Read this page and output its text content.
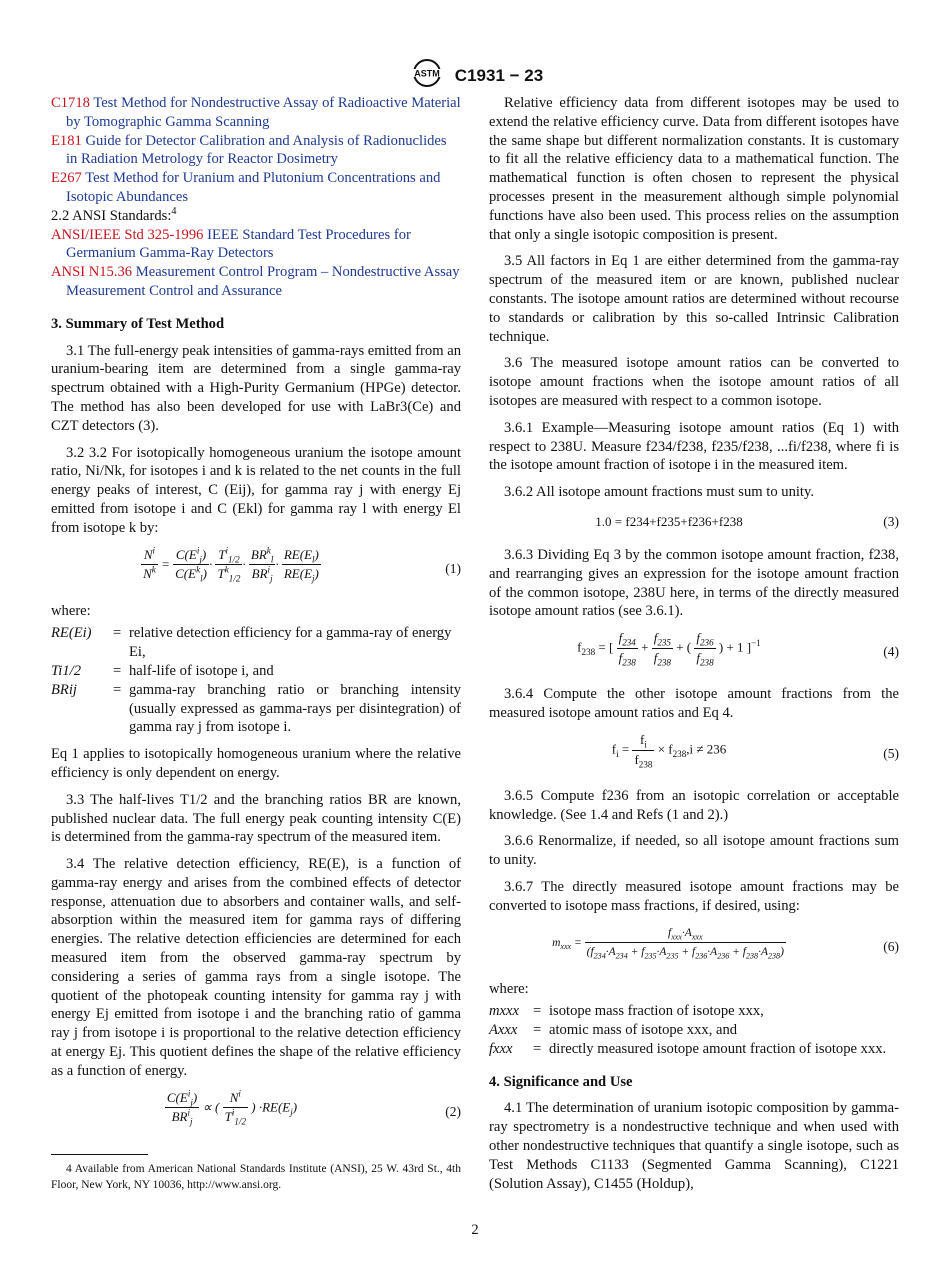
ASTM C1931 − 23

C1718 Test Method for Nondestructive Assay of Radioactive Material by Tomographic Gamma Scanning

E181 Guide for Detector Calibration and Analysis of Radionuclides in Radiation Metrology for Reactor Dosimetry

E267 Test Method for Uranium and Plutonium Concentrations and Isotopic Abundances

2.2 ANSI Standards:$^4$

ANSI/IEEE Std 325-1996 IEEE Standard Test Procedures for Germanium Gamma-Ray Detectors

ANSI N15.36 Measurement Control Program – Nondestructive Assay Measurement Control and Assurance

3. Summary of Test Method

3.1 The full-energy peak intensities of gamma-rays emitted from an uranium-bearing item are determined from a single gamma-ray spectrum obtained with a High-Purity Germanium (HPGe) detector. The method has also been developed for use with LaBr3(Ce) and CZT detectors (3).

3.2 3.2 For isotopically homogeneous uranium the isotope amount ratio, Ni/Nk, for isotopes i and k is related to the net counts in the full energy peaks of interest, C (Eij), for gamma ray j with energy Ej emitted from isotope i and C (Ekl) for gamma ray l with energy El from isotope k by:

$\frac{N^i}{N^k} = \frac{C(E^i_j)}{C(E^k_l)} \cdot \frac{T^i_{1/2}}{T^k_{1/2}} \cdot \frac{BR^k_l}{BR^i_j} \cdot \frac{RE(E_l)}{RE(E_j)}$	(1)

where:

RE(Ei)	=	relative detection efficiency for a gamma-ray of energy Ei,
Ti1/2	=	half-life of isotope i, and
BRij	=	gamma-ray branching ratio or branching intensity (usually expressed as gamma-rays per disintegration) of gamma ray j from isotope i.

Eq 1 applies to isotopically homogeneous uranium where the relative efficiency is only dependent on energy.

3.3 The half-lives T1/2 and the branching ratios BR are known, published nuclear data. The full energy peak counting intensity C(E) is determined from the gamma-ray spectrum of the measured item.

3.4 The relative detection efficiency, RE(E), is a function of gamma-ray energy and arises from the combined effects of detector response, attenuation due to absorbers and container walls, and self-absorption within the measured item for gamma rays of differing energies. The relative detection efficiencies are determined for each measured item from the observed gamma-ray spectrum by considering a series of gamma rays from a single isotope. The quotient of the photopeak counting intensity for gamma ray j with energy Ej emitted from isotope i and the branching ratio of gamma ray j from isotope i is proportional to the relative detection efficiency at energy Ej. This quotient defines the shape of the relative efficiency as a function of energy.

$\frac{C(E^i_j)}{BR^i_j}$ ∝ ( $\frac{N^i}{T^i_{1/2}}$ ) $\cdot RE(E_j)$	(2)
4 Available from American National Standards Institute (ANSI), 25 W. 43rd St., 4th Floor, New York, NY 10036, http://www.ansi.org.

Relative efficiency data from different isotopes may be used to extend the relative efficiency curve. Data from different isotopes have the same shape but different normalization constants. It is customary to fit all the relative efficiency data to a mathematical function. The mathematical function is often chosen to represent the physical processes present in the measurement although simple polynomial functions have also been used. This process relies on the assumption that only a single isotopic composition is present.

3.5 All factors in Eq 1 are either determined from the gamma-ray spectrum of the measured item or are known, published nuclear constants. The isotope amount ratios are determined without recourse to standards or calibration by this so-called Intrinsic Calibration technique.

3.6 The measured isotope amount ratios can be converted to isotope amount fractions when the isotope amount ratios of all isotopes are measured with respect to a common isotope.

3.6.1 Example—Measuring isotope amount ratios (Eq 1) with respect to 238U. Measure f234/f238, f235/f238, ...fi/f238, where fi is the isotope amount fraction of isotope i in the measured item.

3.6.2 All isotope amount fractions must sum to unity.

1.0 = f234+f235+f236+f238	(3)

3.6.3 Dividing Eq 3 by the common isotope amount fraction, f238, and rearranging gives an expression for the isotope amount fraction of the common isotope, 238U here, in terms of the directly measured isotope amount ratios (see 3.6.1).

$f_{238}$ = [ $\frac{f_{234}}{f_{238}} + \frac{f_{235}}{f_{238}}$ + ( $\frac{f_{236}}{f_{238}}$ ) + 1 ]$^{-1}$
(4)

3.6.4 Compute the other isotope amount fractions from the measured isotope amount ratios and Eq 4.

$f_i = \frac{f_i}{f_{238}} \times f_{238},i \ne 236$	(5)

3.6.5 Compute f236 from an isotopic correlation or acceptable knowledge. (See 1.4 and Refs (1 and 2).)

3.6.6 Renormalize, if needed, so all isotope amount fractions sum to unity.

3.6.7 The directly measured isotope amount fractions may be converted to isotope mass fractions, if desired, using:

$m_{xxx} = \frac{f_{xxx}\cdot A_{xxx}}{(f_{234}\cdot A_{234} + f_{235}\cdot A_{235} + f_{236}\cdot A_{236} + f_{238}\cdot A_{238})}$	(6)

where:

mxxx	=	isotope mass fraction of isotope xxx,
Axxx	=	atomic mass of isotope xxx, and
fxxx	=	directly measured isotope amount fraction of isotope xxx.
4. Significance and Use

4.1 The determination of uranium isotopic composition by gamma-ray spectrometry is a nondestructive technique and when used with other nondestructive techniques that quantify a single isotope, such as Test Methods C1133 (Segmented Gamma Scanning), C1221 (Solution Assay), C1455 (Holdup),

2
